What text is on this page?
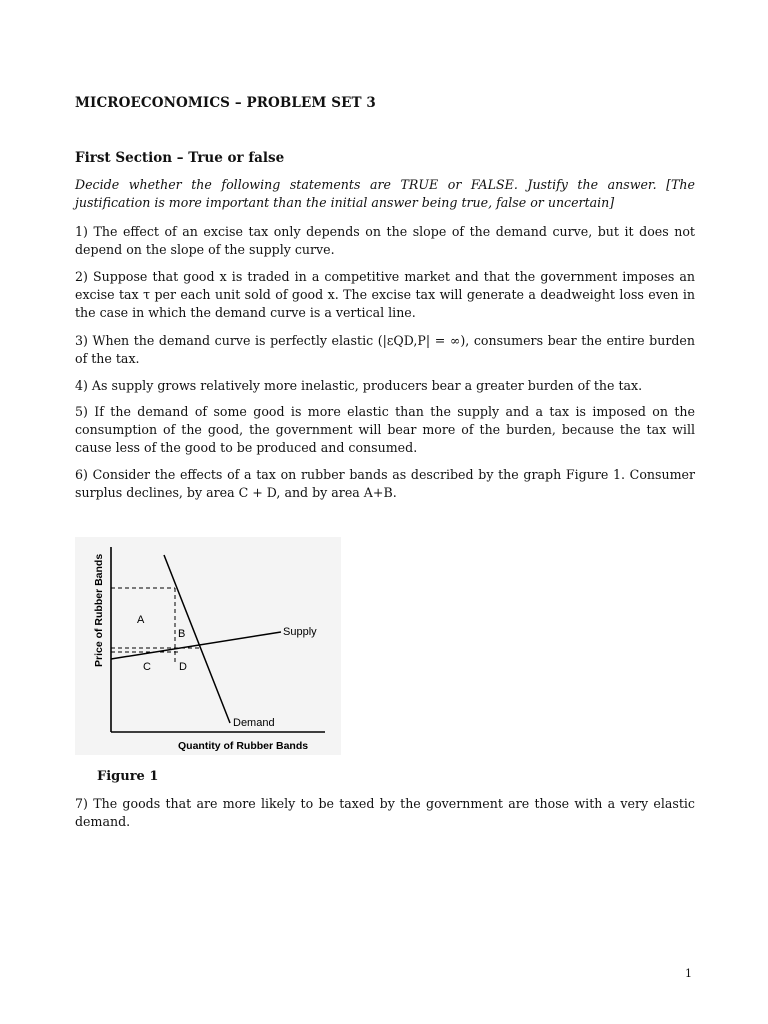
MICROECONOMICS – PROBLEM SET 3
First Section – True or false
Decide whether the following statements are TRUE or FALSE. Justify the answer. [The justification is more important than the initial answer being true, false or uncertain]
1) The effect of an excise tax only depends on the slope of the demand curve, but it does not depend on the slope of the supply curve.
2) Suppose that good x is traded in a competitive market and that the government imposes an excise tax τ per each unit sold of good x. The excise tax will generate a deadweight loss even in the case in which the demand curve is a vertical line.
3) When the demand curve is perfectly elastic (|εQD,P| = ∞), consumers bear the entire burden of the tax.
4) As supply grows relatively more inelastic, producers bear a greater burden of the tax.
5) If the demand of some good is more elastic than the supply and a tax is imposed on the consumption of the good, the government will bear more of the burden, because the tax will cause less of the good to be produced and consumed.
6) Consider the effects of a tax on rubber bands as described by the graph Figure 1. Consumer surplus declines, by area C + D, and by area A+B.
A
B
C	D
Supply
Demand
Quantity of Rubber Bands
Price of Rubber Bands
Figure 1
7) The goods that are more likely to be taxed by the government are those with a very elastic demand.
1
